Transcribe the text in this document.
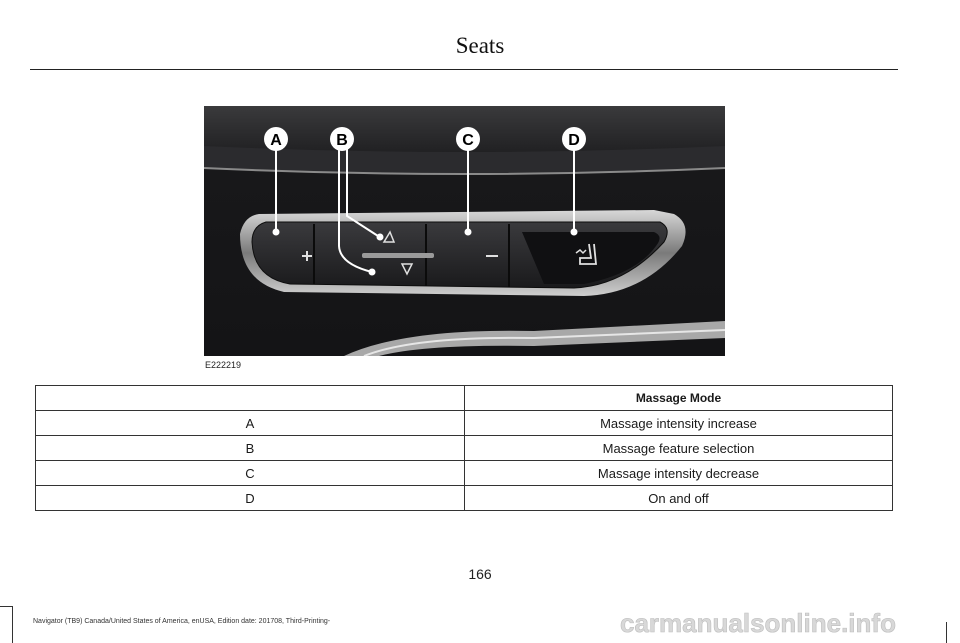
Seats
A	B	C	D
E222219
	Massage Mode
A	Massage intensity increase
B	Massage feature selection
C	Massage intensity decrease
D	On and off
166
Navigator (TB9) Canada/United States of America, enUSA, Edition date: 201708, Third-Printing-	carmanualsonline.info
